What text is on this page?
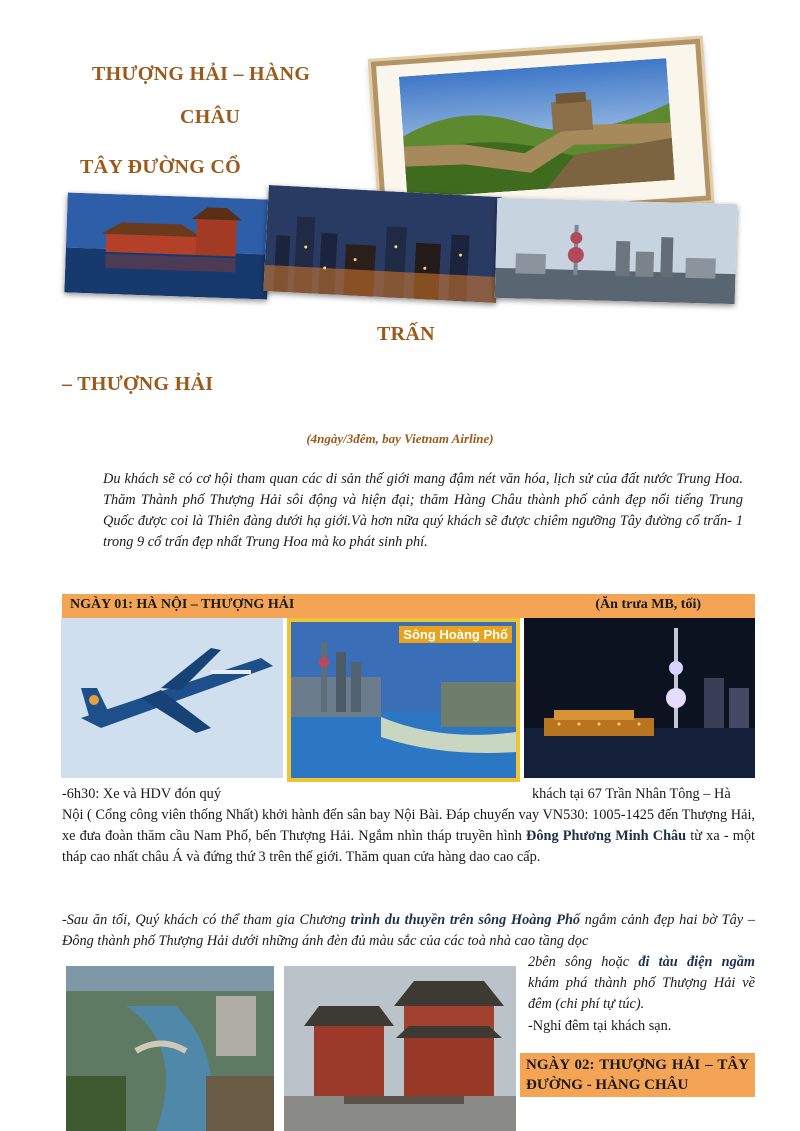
THƯỢNG HẢI – HÀNG
CHÂU
TÂY ĐƯỜNG CỔ
TRẤN
– THƯỢNG HẢI
(4ngày/3đêm, bay Vietnam Airline)
Du khách sẽ có cơ hội tham quan các di sản thế giới mang đậm nét văn hóa, lịch sử của đất nước Trung Hoa. Thăm Thành phố Thượng Hải sôi động và hiện đại; thăm Hàng Châu thành phố cảnh đẹp nổi tiếng Trung Quốc được coi là Thiên đàng dưới hạ giới.Và hơn nữa quý khách sẽ được chiêm ngưỡng Tây đường cổ trấn- 1 trong 9 cổ trấn đẹp nhất Trung Hoa mà ko phát sinh phí.
NGÀY 01: HÀ NỘI – THƯỢNG HẢI	(Ăn trưa MB, tối)
Sông Hoàng Phố
-6h30: Xe và HDV đón quý	khách tại 67 Trần Nhân Tông – Hà
Nội ( Cổng công viên thống Nhất) khởi hành đến sân bay Nội Bài. Đáp chuyến vay VN530: 1005-1425 đến Thượng Hải, xe đưa đoàn thăm cầu Nam Phố, bến Thượng Hải. Ngắm nhìn tháp truyền hình Đông Phương Minh Châu từ xa - một tháp cao nhất châu Á và đứng thứ 3 trên thế giới. Thăm quan cửa hàng dao cao cấp.
-Sau ăn tối, Quý khách có thể tham gia Chương trình du thuyền trên sông Hoàng Phố ngắm cảnh đẹp hai bờ Tây – Đông thành phố Thượng Hải dưới những ánh đèn đủ màu sắc của các toà nhà cao tầng dọc
2bên sông hoặc đi tàu điện ngầm khám phá thành phố Thượng Hải về đêm (chi phí tự túc).
-Nghỉ đêm tại khách sạn.
NGÀY 02: THƯỢNG HẢI – TÂY ĐƯỜNG - HÀNG CHÂU
